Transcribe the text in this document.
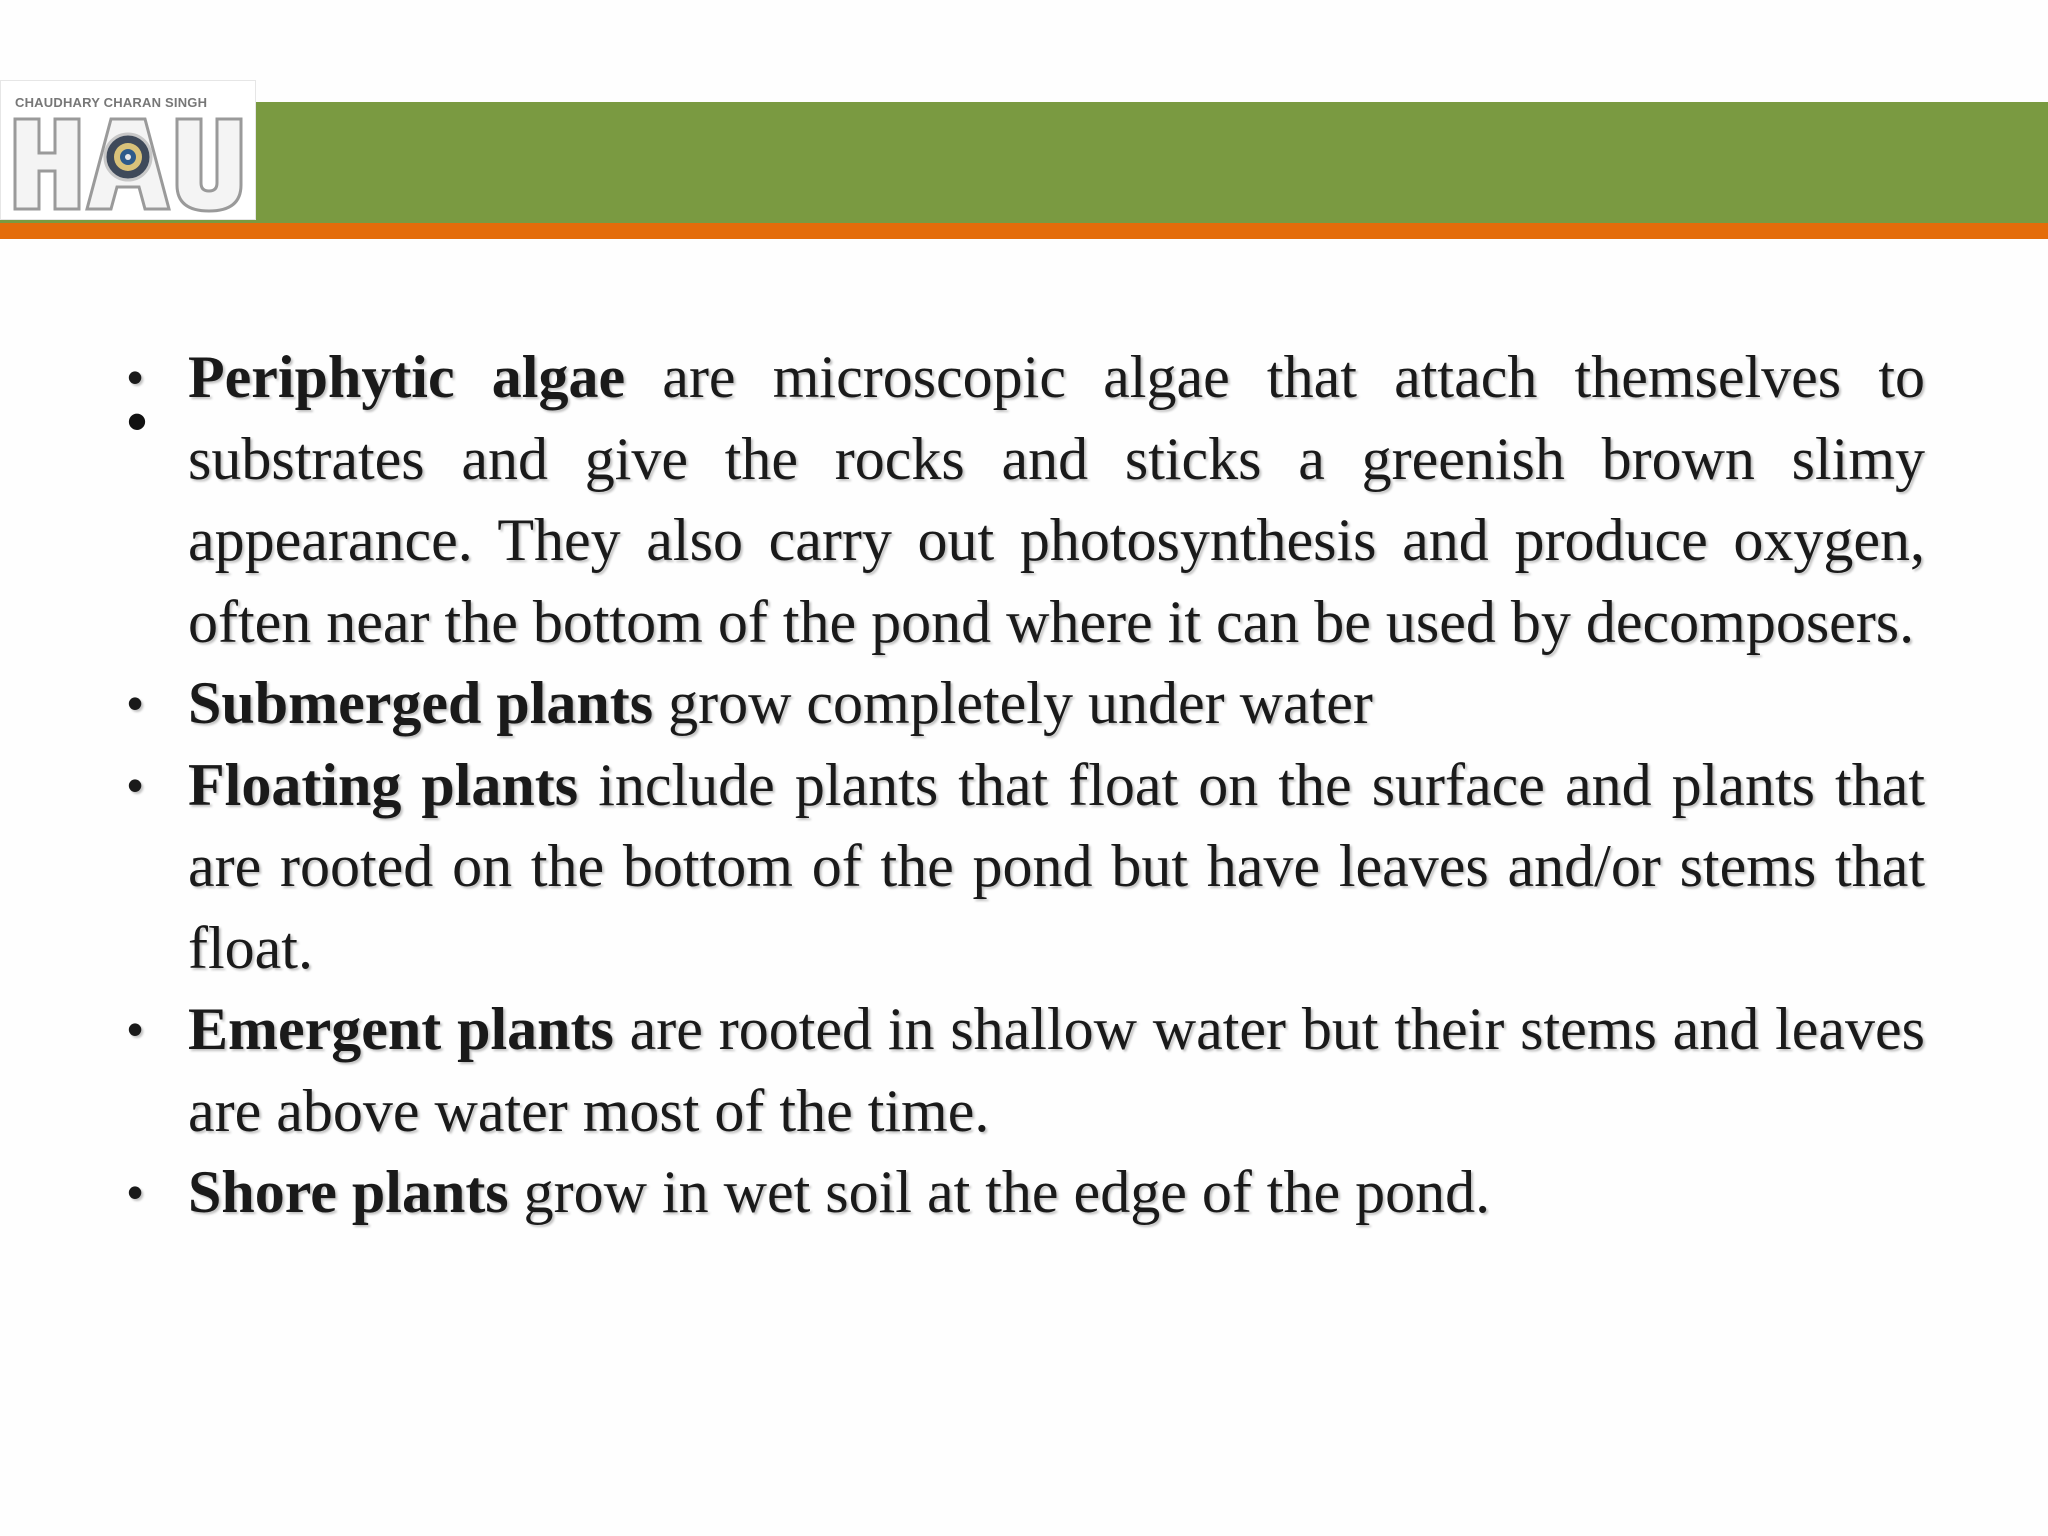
CHAUDHARY CHARAN SINGH
•
• Periphytic algae are microscopic algae that attach themselves to substrates and give the rocks and sticks a greenish brown slimy appearance. They also carry out photosynthesis and produce oxygen, often near the bottom of the pond where it can be used by decomposers.
• Submerged plants grow completely under water
• Floating plants include plants that float on the surface and plants that are rooted on the bottom of the pond but have leaves and/or stems that float.
• Emergent plants are rooted in shallow water but their stems and leaves are above water most of the time.
• Shore plants grow in wet soil at the edge of the pond.
